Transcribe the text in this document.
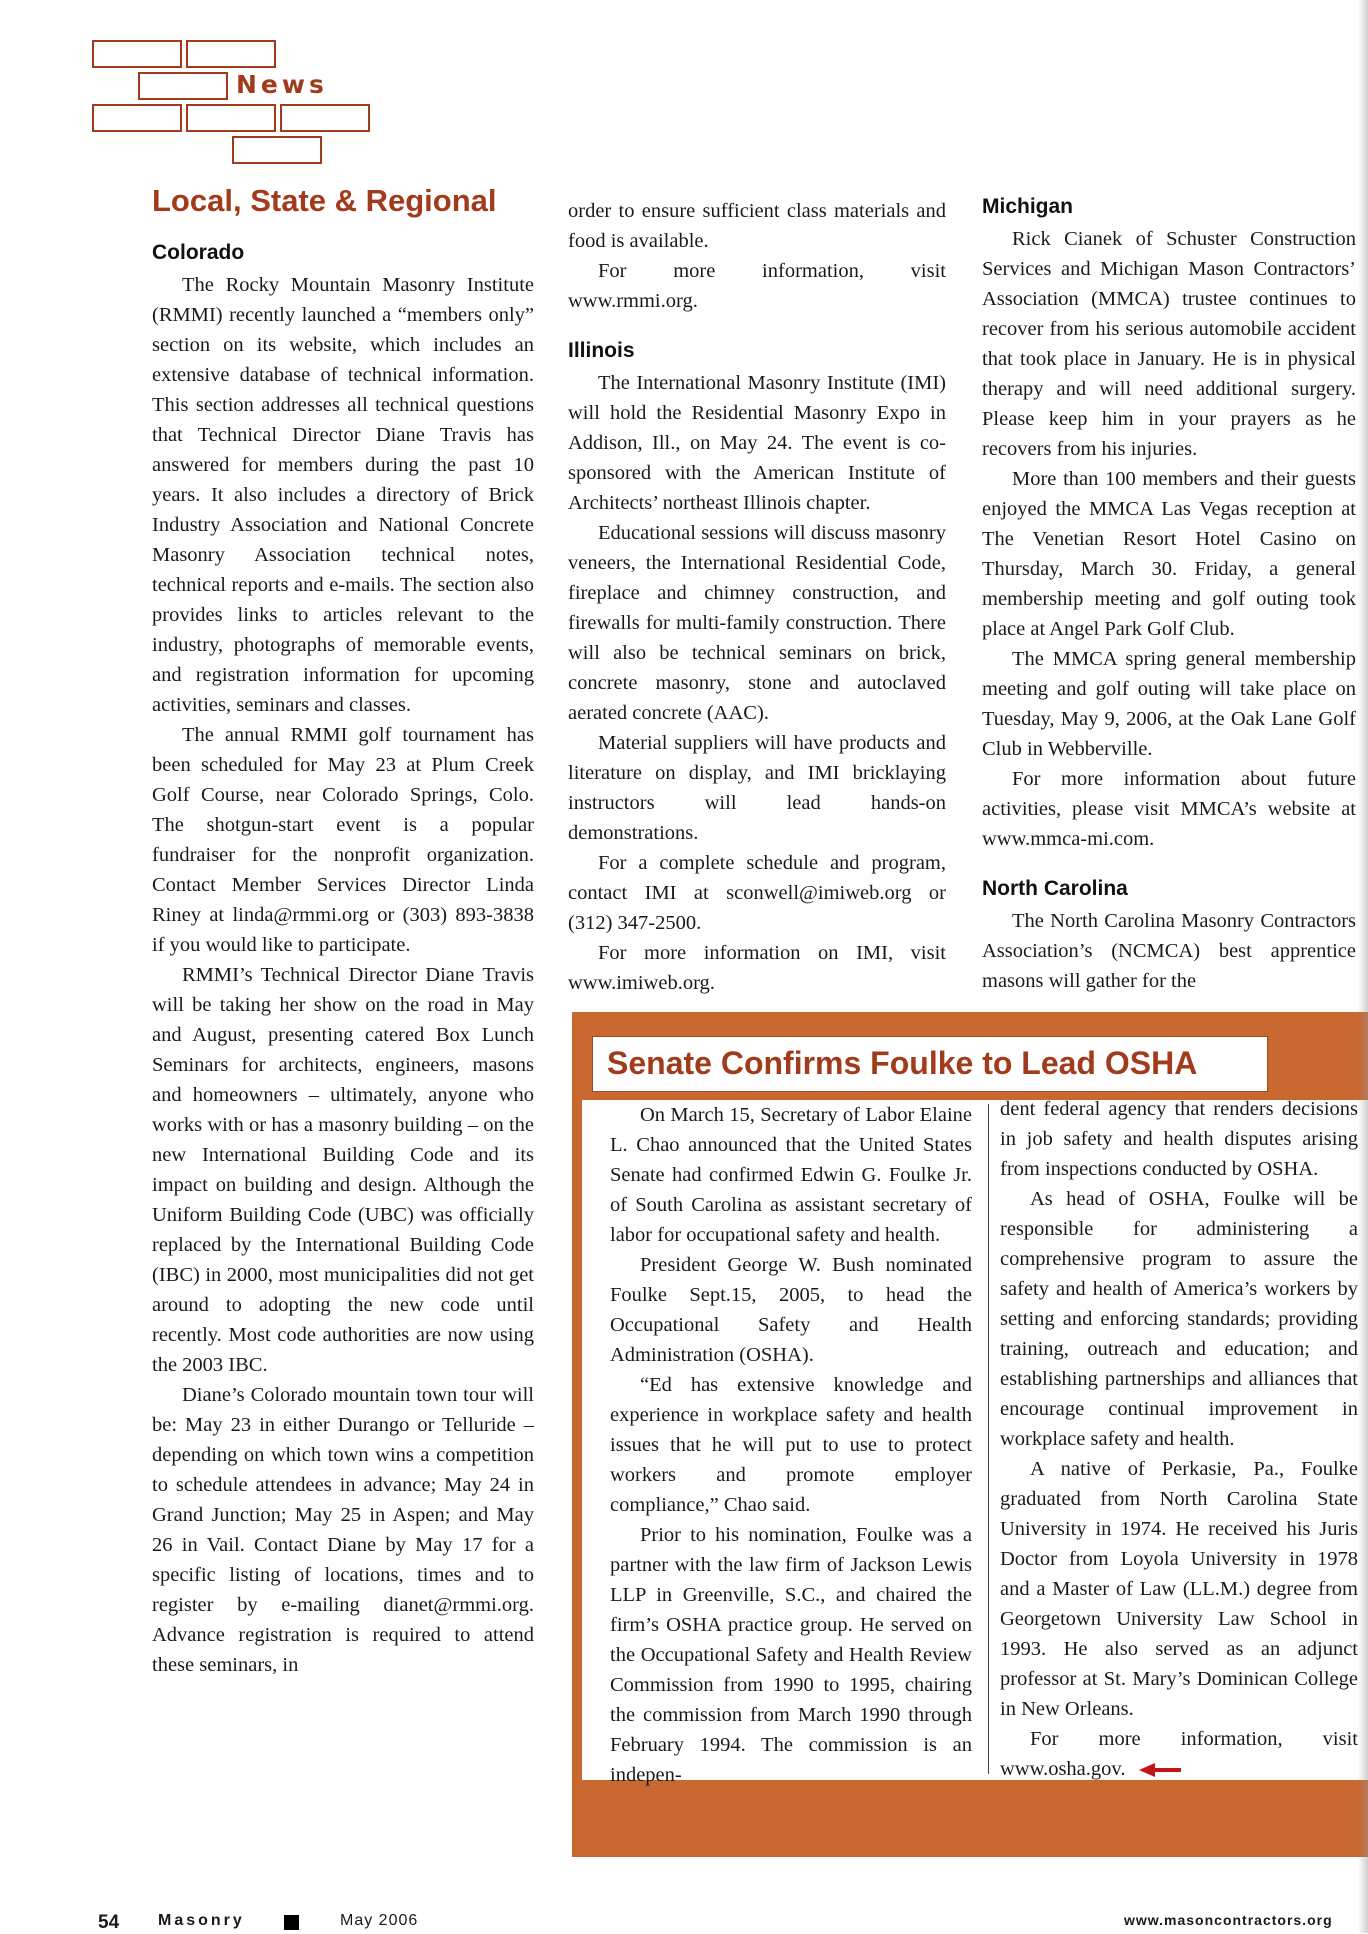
News
Local, State & Regional
Colorado

The Rocky Mountain Masonry Institute (RMMI) recently launched a “members only” section on its website, which includes an extensive database of technical information. This section addresses all technical questions that Technical Director Diane Travis has answered for members during the past 10 years. It also includes a directory of Brick Industry Association and National Concrete Masonry Association technical notes, technical reports and e-mails. The section also provides links to articles relevant to the industry, photographs of memorable events, and registration information for upcoming activities, seminars and classes.

The annual RMMI golf tournament has been scheduled for May 23 at Plum Creek Golf Course, near Colorado Springs, Colo. The shotgun-start event is a popular fundraiser for the nonprofit organization. Contact Member Services Director Linda Riney at linda@rmmi.org or (303) 893-3838 if you would like to participate.

RMMI’s Technical Director Diane Travis will be taking her show on the road in May and August, presenting catered Box Lunch Seminars for architects, engineers, masons and homeowners – ultimately, anyone who works with or has a masonry building – on the new International Building Code and its impact on building and design. Although the Uniform Building Code (UBC) was officially replaced by the International Building Code (IBC) in 2000, most municipalities did not get around to adopting the new code until recently. Most code authorities are now using the 2003 IBC.

Diane’s Colorado mountain town tour will be: May 23 in either Durango or Telluride – depending on which town wins a competition to schedule attendees in advance; May 24 in Grand Junction; May 25 in Aspen; and May 26 in Vail. Contact Diane by May 17 for a specific listing of locations, times and to register by e-mailing dianet@rmmi.org. Advance registration is required to attend these seminars, in

order to ensure sufficient class materials and food is available.

For more information, visit www.rmmi.org.

Illinois

The International Masonry Institute (IMI) will hold the Residential Masonry Expo in Addison, Ill., on May 24. The event is co-sponsored with the American Institute of Architects’ northeast Illinois chapter.

Educational sessions will discuss masonry veneers, the International Residential Code, fireplace and chimney construction, and firewalls for multi-family construction. There will also be technical seminars on brick, concrete masonry, stone and autoclaved aerated concrete (AAC).

Material suppliers will have products and literature on display, and IMI bricklaying instructors will lead hands-on demonstrations.

For a complete schedule and program, contact IMI at sconwell@imiweb.org or (312) 347-2500.

For more information on IMI, visit www.imiweb.org.

Michigan

Rick Cianek of Schuster Construction Services and Michigan Mason Contractors’ Association (MMCA) trustee continues to recover from his serious automobile accident that took place in January. He is in physical therapy and will need additional surgery. Please keep him in your prayers as he recovers from his injuries.

More than 100 members and their guests enjoyed the MMCA Las Vegas reception at The Venetian Resort Hotel Casino on Thursday, March 30. Friday, a general membership meeting and golf outing took place at Angel Park Golf Club.

The MMCA spring general membership meeting and golf outing will take place on Tuesday, May 9, 2006, at the Oak Lane Golf Club in Webberville.

For more information about future activities, please visit MMCA’s website at www.mmca-mi.com.

North Carolina

The North Carolina Masonry Contractors Association’s (NCMCA) best apprentice masons will gather for the

Senate Confirms Foulke to Lead OSHA

On March 15, Secretary of Labor Elaine L. Chao announced that the United States Senate had confirmed Edwin G. Foulke Jr. of South Carolina as assistant secretary of labor for occupational safety and health.

President George W. Bush nominated Foulke Sept.15, 2005, to head the Occupational Safety and Health Administration (OSHA).

“Ed has extensive knowledge and experience in workplace safety and health issues that he will put to use to protect workers and promote employer compliance,” Chao said.

Prior to his nomination, Foulke was a partner with the law firm of Jackson Lewis LLP in Greenville, S.C., and chaired the firm’s OSHA practice group. He served on the Occupational Safety and Health Review Commission from 1990 to 1995, chairing the commission from March 1990 through February 1994. The commission is an indepen-

dent federal agency that renders decisions in job safety and health disputes arising from inspections conducted by OSHA.

As head of OSHA, Foulke will be responsible for administering a comprehensive program to assure the safety and health of America’s workers by setting and enforcing standards; providing training, outreach and education; and establishing partnerships and alliances that encourage continual improvement in workplace safety and health.

A native of Perkasie, Pa., Foulke graduated from North Carolina State University in 1974. He received his Juris Doctor from Loyola University in 1978 and a Master of Law (LL.M.) degree from Georgetown University Law School in 1993. He also served as an adjunct professor at St. Mary’s Dominican College in New Orleans.

For more information, visit www.osha.gov.

54 Masonry	May 2006	www.masoncontractors.org
